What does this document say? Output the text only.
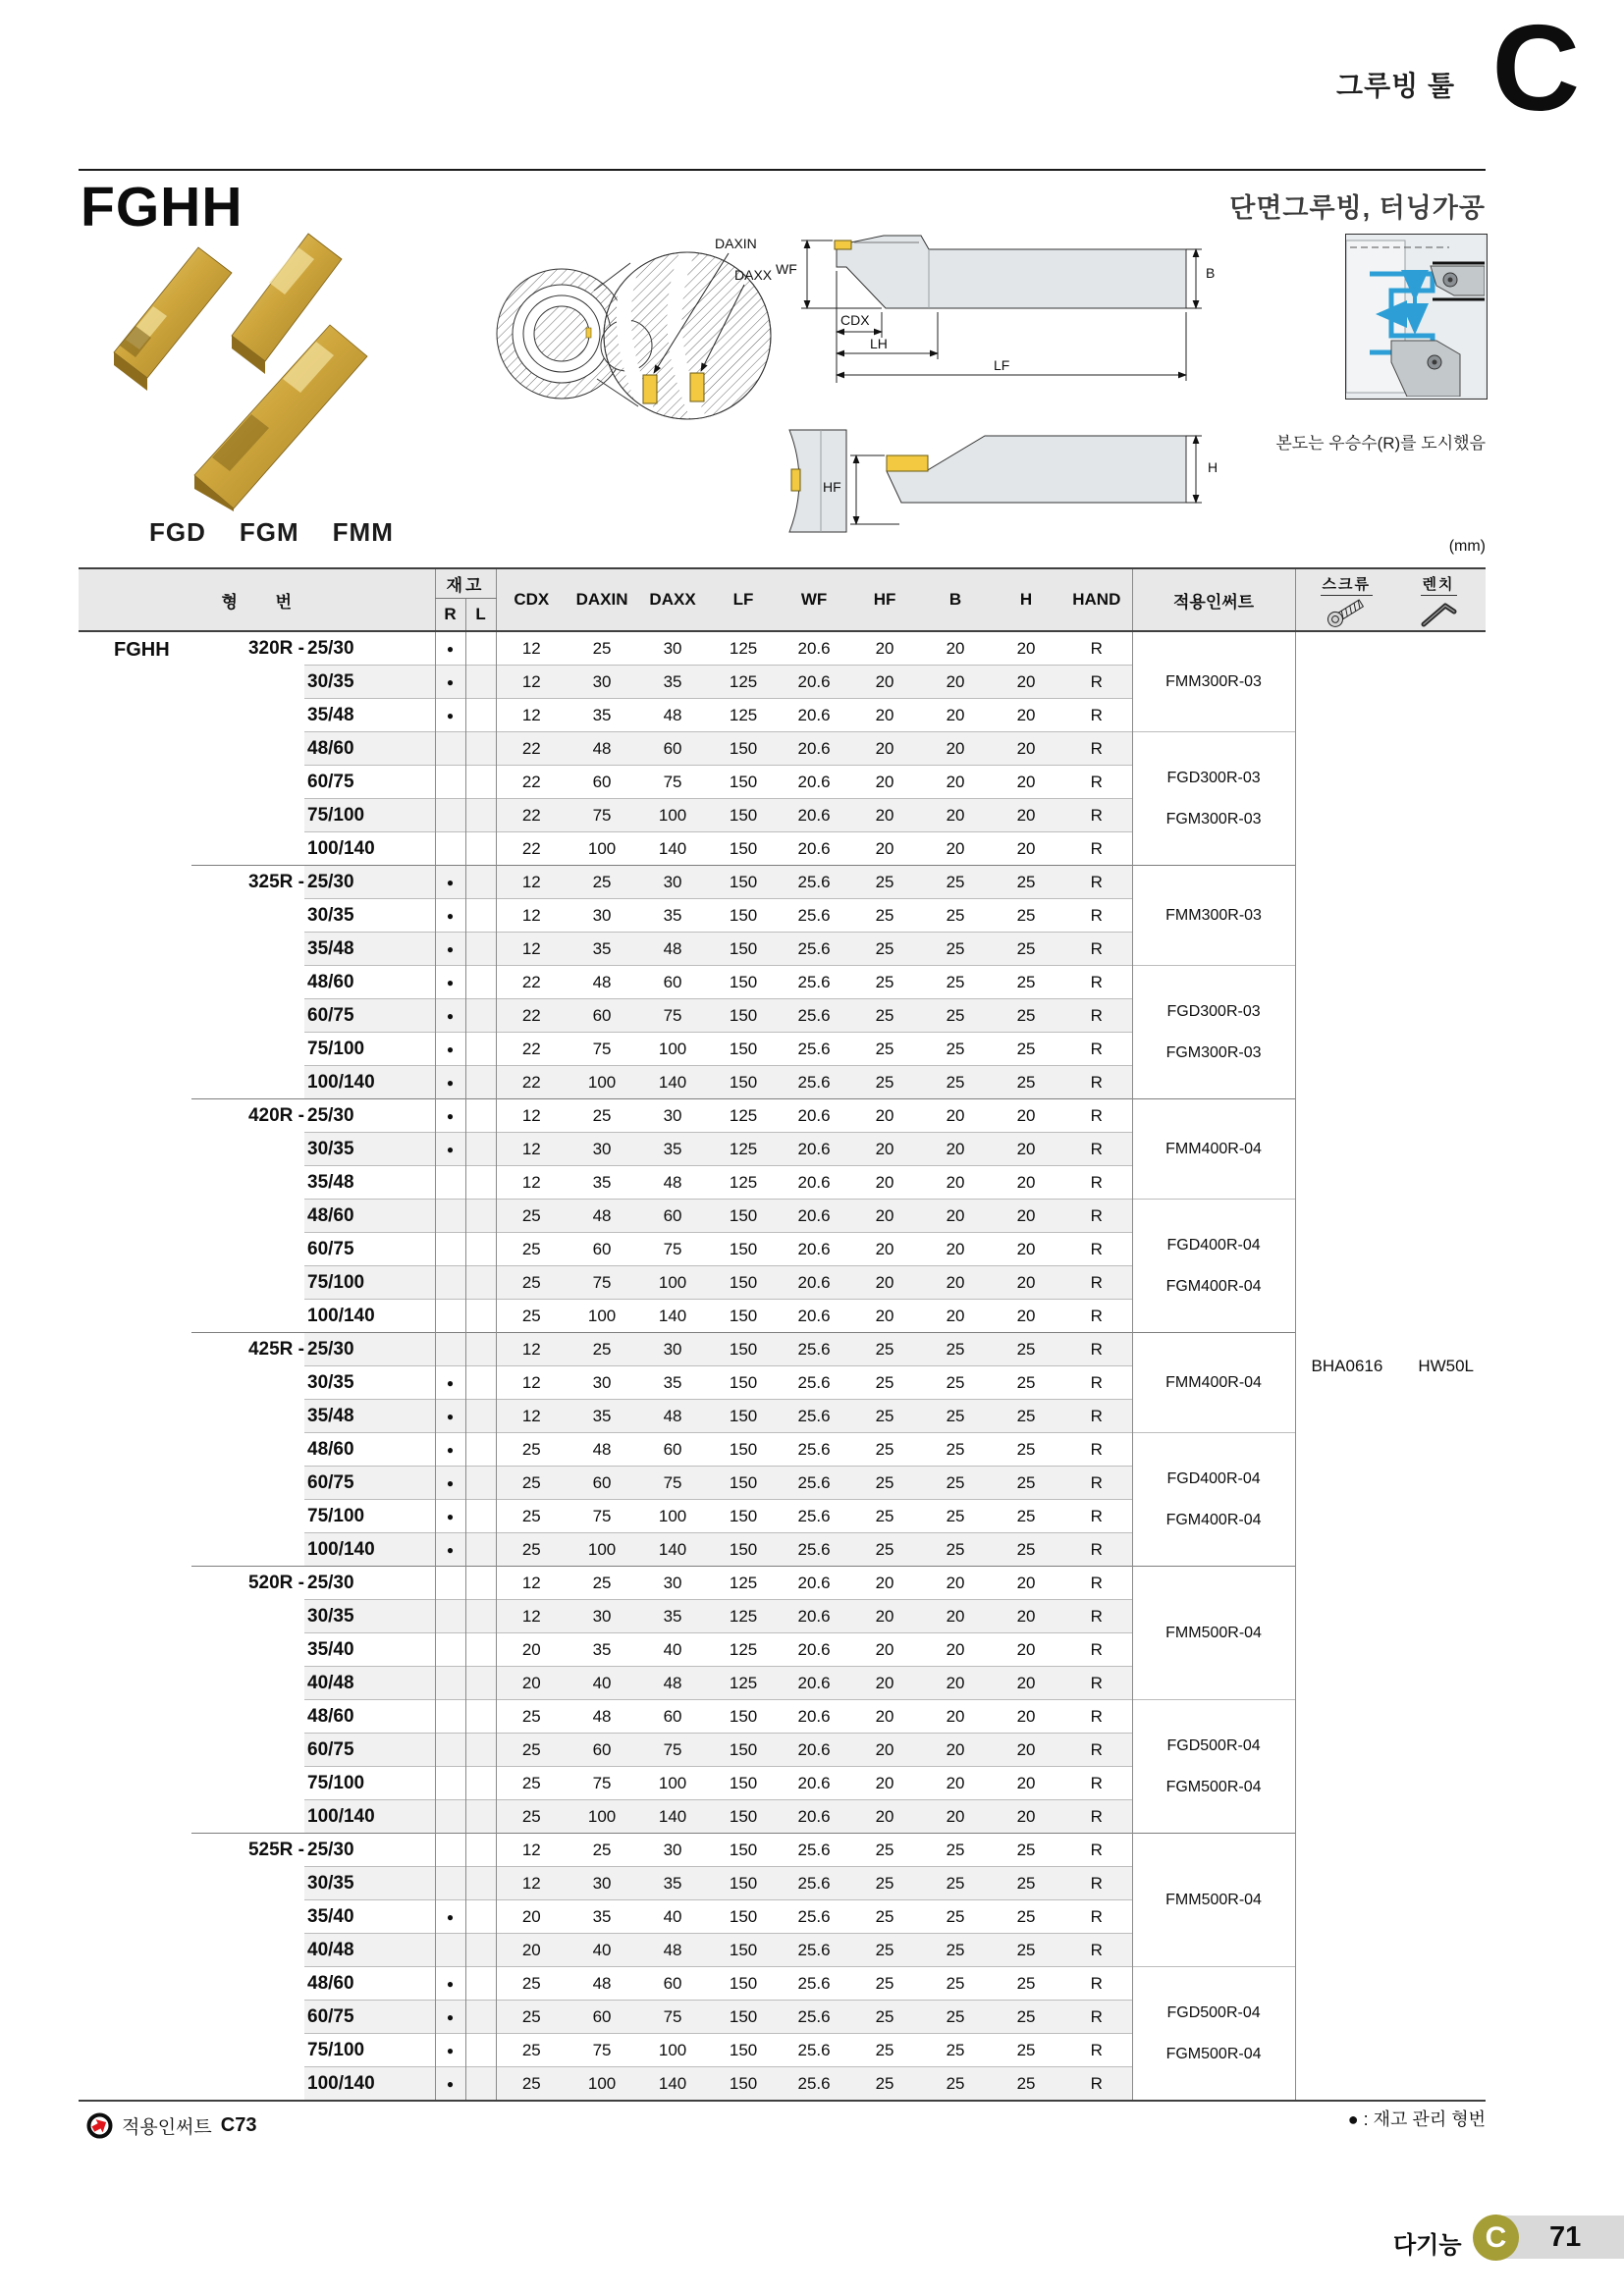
그루빙 툴 C
FGHH	단면그루빙, 터닝가공
DAXIN
DAXX WF	B
CDX
LH
LF
HF
H
본도는 우승수(R)를 도시했음
FGD FGM FMM	(mm)
형 번			재고		CDX	DAXIN	DAXX	LF	WF	HF	B	H	HAND	적용인써트	스크류 렌치

			R	L											
FGHH	320R -	25/30	●		12	25	30	125	20.6	20	20	20	R	FMM300R-03	BHA0616 HW50L
		30/35	●		12	30	35	125	20.6	20	20	20	R		
		35/48	●		12	35	48	125	20.6	20	20	20	R		
		48/60			22	48	60	150	20.6	20	20	20	R	FGD300R-03
FGM300R-03	

		60/75			22	60	75	150	20.6	20	20	20	R		
		75/100			22	75	100	150	20.6	20	20	20	R		
		100/140			22	100	140	150	20.6	20	20	20	R		
	325R -	25/30	●		12	25	30	150	25.6	25	25	25	R	FMM300R-03	

		30/35	●		12	30	35	150	25.6	25	25	25	R		
		35/48	●		12	35	48	150	25.6	25	25	25	R		
		48/60	●		22	48	60	150	25.6	25	25	25	R	FGD300R-03
FGM300R-03	

		60/75	●		22	60	75	150	25.6	25	25	25	R		
		75/100	●		22	75	100	150	25.6	25	25	25	R		
		100/140	●		22	100	140	150	25.6	25	25	25	R		
	420R -	25/30	●		12	25	30	125	20.6	20	20	20	R	FMM400R-04	

		30/35	●		12	30	35	125	20.6	20	20	20	R		
		35/48			12	35	48	125	20.6	20	20	20	R		
		48/60			25	48	60	150	20.6	20	20	20	R	FGD400R-04
FGM400R-04	

		60/75			25	60	75	150	20.6	20	20	20	R		
		75/100			25	75	100	150	20.6	20	20	20	R		
		100/140			25	100	140	150	20.6	20	20	20	R		
	425R -	25/30			12	25	30	150	25.6	25	25	25	R	FMM400R-04	

		30/35	●		12	30	35	150	25.6	25	25	25	R		
		35/48	●		12	35	48	150	25.6	25	25	25	R		
		48/60	●		25	48	60	150	25.6	25	25	25	R	FGD400R-04
FGM400R-04	

		60/75	●		25	60	75	150	25.6	25	25	25	R		
		75/100	●		25	75	100	150	25.6	25	25	25	R		
		100/140	●		25	100	140	150	25.6	25	25	25	R		
	520R -	25/30			12	25	30	125	20.6	20	20	20	R	FMM500R-04	

		30/35			12	30	35	125	20.6	20	20	20	R		
		35/40			20	35	40	125	20.6	20	20	20	R		
		40/48			20	40	48	125	20.6	20	20	20	R		
		48/60			25	48	60	150	20.6	20	20	20	R	FGD500R-04
FGM500R-04	

		60/75			25	60	75	150	20.6	20	20	20	R		
		75/100			25	75	100	150	20.6	20	20	20	R		
		100/140			25	100	140	150	20.6	20	20	20	R		
	525R -	25/30			12	25	30	150	25.6	25	25	25	R	FMM500R-04	

		30/35			12	30	35	150	25.6	25	25	25	R		
		35/40	●		20	35	40	150	25.6	25	25	25	R		
		40/48			20	40	48	150	25.6	25	25	25	R		
		48/60	●		25	48	60	150	25.6	25	25	25	R	FGD500R-04
FGM500R-04	

		60/75	●		25	60	75	150	25.6	25	25	25	R		
		75/100	●		25	75	100	150	25.6	25	25	25	R		
		100/140	●		25	100	140	150	25.6	25	25	25	R		
적용인써트 C73	● : 재고 관리 형번
다기능 C	71
